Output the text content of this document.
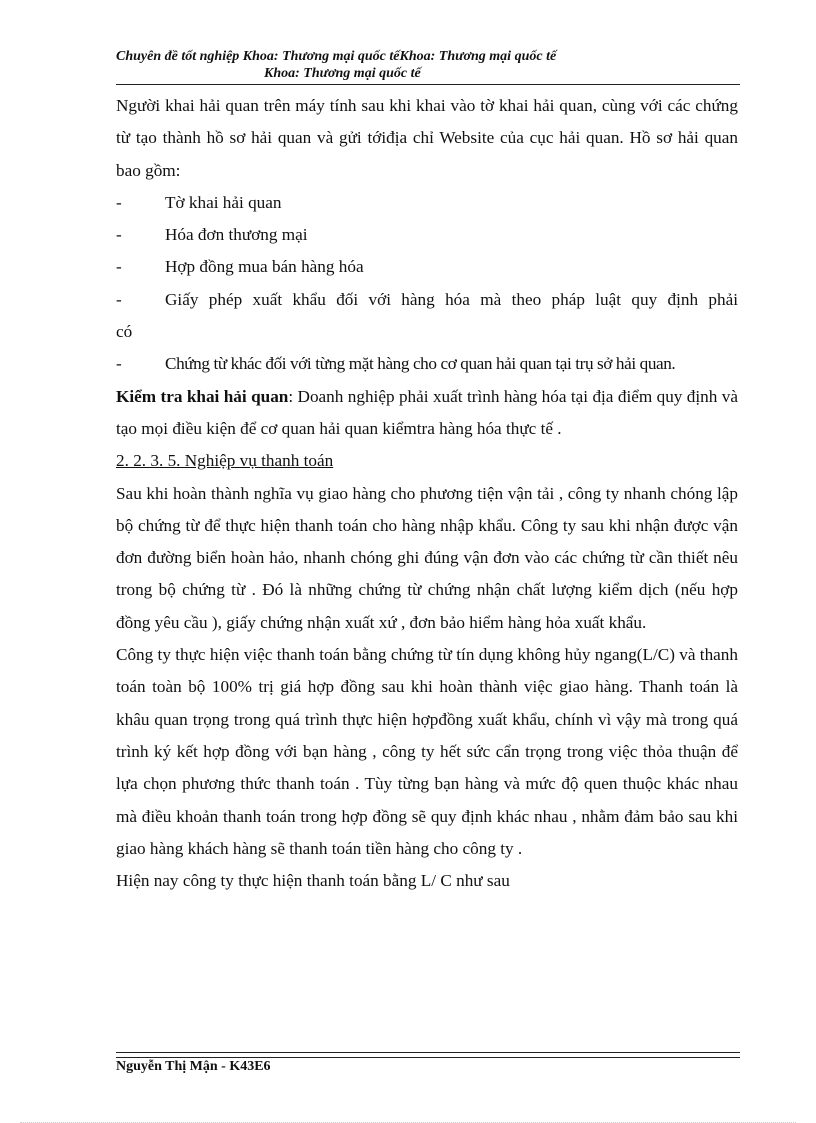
Chuyên đề tốt nghiệp Khoa: Thương mại quốc tếKhoa: Thương mại quốc tế
Khoa: Thương mại quốc tế

Người khai hải quan trên máy tính sau khi khai vào tờ khai hải quan, cùng với các chứng từ tạo thành hồ sơ hải quan và gửi tớiđịa chỉ Website của cục hải quan. Hồ sơ hải quan bao gồm:

-	Tờ khai hải quan
-	Hóa đơn thương mại
-	Hợp đồng mua bán hàng hóa
-	Giấy phép xuất khẩu đối với hàng hóa mà theo pháp luật quy định phải

có

-	Chứng từ khác đối với từng mặt hàng cho cơ quan hải quan tại trụ sở hải quan.

Kiểm tra khai hải quan: Doanh nghiệp phải xuất trình hàng hóa tại địa điểm quy định và tạo mọi điều kiện để cơ quan hải quan kiểmtra hàng hóa thực tế .

2. 2. 3. 5. Nghiệp vụ thanh toán

Sau khi hoàn thành nghĩa vụ giao hàng cho phương tiện vận tải , công ty nhanh chóng lập bộ chứng từ để thực hiện thanh toán cho hàng nhập khẩu. Công ty sau khi nhận được vận đơn đường biển hoàn hảo, nhanh chóng ghi đúng vận đơn vào các chứng từ cần thiết nêu trong bộ chứng từ . Đó là những chứng từ chứng nhận chất lượng kiểm dịch (nếu hợp đồng yêu cầu ), giấy chứng nhận xuất xứ , đơn bảo hiểm hàng hỏa xuất khẩu.

Công ty thực hiện việc thanh toán bằng chứng từ tín dụng không hủy ngang(L/C) và thanh toán toàn bộ 100% trị giá hợp đồng sau khi hoàn thành việc giao hàng. Thanh toán là khâu quan trọng trong quá trình thực hiện hợpđồng xuất khẩu, chính vì vậy mà trong quá trình ký kết hợp đồng với bạn hàng , công ty hết sức cẩn trọng trong việc thỏa thuận để lựa chọn phương thức thanh toán . Tùy từng bạn hàng và mức độ quen thuộc khác nhau mà điều khoản thanh toán trong hợp đồng sẽ quy định khác nhau , nhằm đảm bảo sau khi giao hàng khách hàng sẽ thanh toán tiền hàng cho công ty .

Hiện nay công ty thực hiện thanh toán bằng L/ C như sau

Nguyễn Thị Mận - K43E6
